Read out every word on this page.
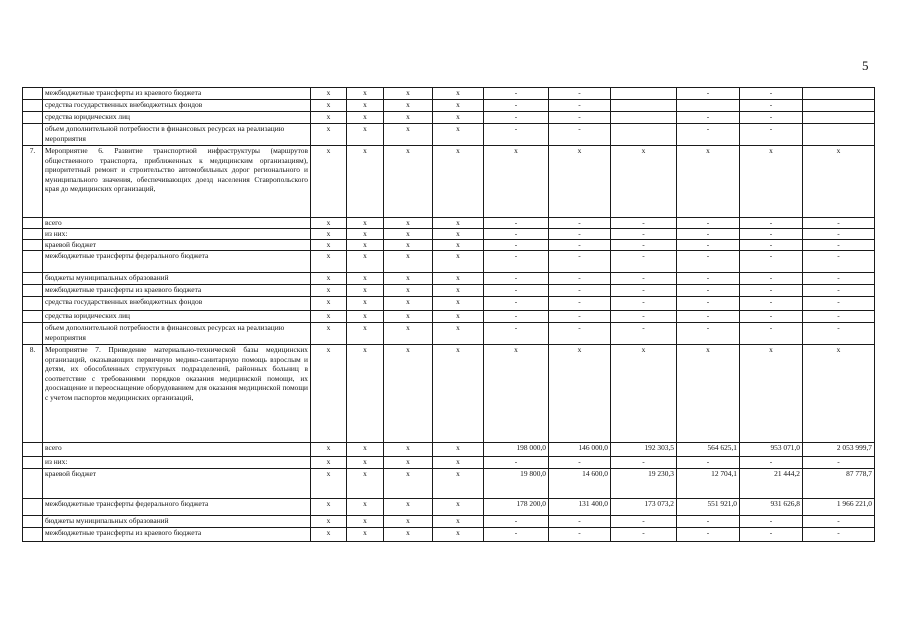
5
	межбюджетные трансферты из краевого бюджета	x	x	x	x	-	-		-	-	
	средства государственных внебюджетных фондов	x	x	x	x	-	-			-	
	средства юридических лиц	x	x	x	x	-	-		-	-	
	объем дополнительной потребности в финансовых ресурсах на реализацию мероприятия	x	x	x	x	-	-		-	-	
7.	Мероприятие 6. Развитие транспортной инфраструктуры (маршрутов общественного транспорта, приближенных к медицинским организациям), приоритетный ремонт и строительство автомобильных дорог регионального и муниципального значения, обеспечивающих доезд населения Ставропольского края до медицинских организаций,	x	x	x	x	x	x	x	x	x	x
	всего	x	x	x	x	-	-	-	-	-	-
	из них:	x	x	x	x	-	-	-	-	-	-
	краевой бюджет	x	x	x	x	-	-	-	-	-	-
	межбюджетные трансферты федерального бюджета	x	x	x	x	-	-	-	-	-	-
	бюджеты муниципальных образований	x	x	x	x	-	-	-	-	-	-
	межбюджетные трансферты из краевого бюджета	x	x	x	x	-	-	-	-	-	-
	средства государственных внебюджетных фондов	x	x	x	x	-	-	-	-	-	-
	средства юридических лиц	x	x	x	x	-	-	-	-	-	-
	объем дополнительной потребности в финансовых ресурсах на реализацию мероприятия	x	x	x	x	-	-	-	-	-	-
8.	Мероприятие 7. Приведение материально-технической базы медицинских организаций, оказывающих первичную медико-санитарную помощь взрослым и детям, их обособленных структурных подразделений, районных больниц в соответствие с требованиями порядков оказания медицинской помощи, их дооснащение и переоснащение оборудованием для оказания медицинской помощи с учетом паспортов медицинских организаций,	x	x	x	x	x	x	x	x	x	x
	всего	x	x	x	x	198 000,0	146 000,0	192 303,5	564 625,1	953 071,0	2 053 999,7
	из них:	x	x	x	x	-	-	-	-	-	-
	краевой бюджет	x	x	x	x	19 800,0	14 600,0	19 230,3	12 704,1	21 444,2	87 778,7
	межбюджетные трансферты федерального бюджета	x	x	x	x	178 200,0	131 400,0	173 073,2	551 921,0	931 626,8	1 966 221,0
	бюджеты муниципальных образований	x	x	x	x	-	-	-	-	-	-
	межбюджетные трансферты из краевого бюджета	x	x	x	x	-	-	-	-	-	-
